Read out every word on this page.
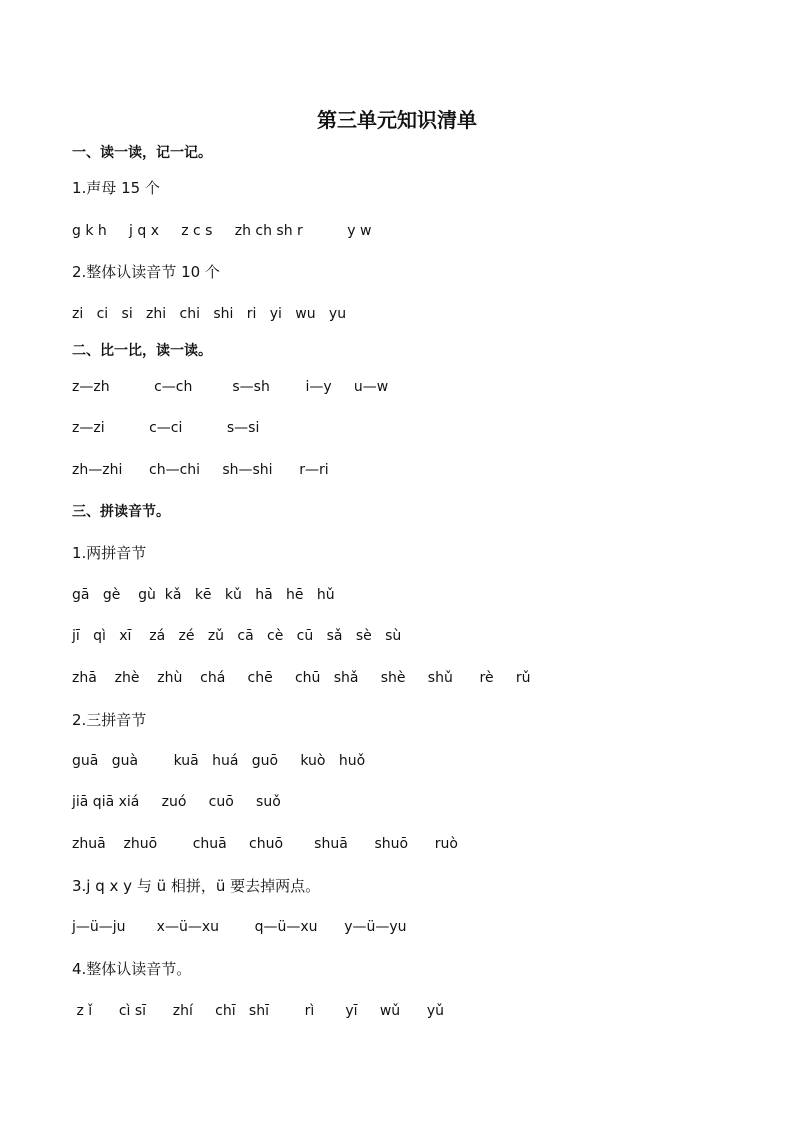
第三单元知识清单
一、读一读，记一记。
1.声母 15 个
g k h     j q x     z c s     zh ch sh r          y w
2.整体认读音节 10 个
zi   ci   si   zhi   chi   shi   ri   yi   wu   yu
二、比一比，读一读。
z—zh          c—ch         s—sh        i—y     u—w
z—zi          c—ci          s—si
zh—zhi      ch—chi     sh—shi      r—ri
三、拼读音节。
1.两拼音节
gā   gè    gù  kǎ   kē   kǔ   hā   hē   hǔ
jī   qì   xī    zá   zé   zǔ   cā   cè   cū   sǎ   sè   sù
zhā    zhè    zhù    chá     chē     chū   shǎ     shè     shǔ      rè     rǔ
2.三拼音节
guā   guà        kuā   huá   guō     kuò   huǒ
jiā qiā xiá     zuó     cuō     suǒ
zhuā    zhuō        chuā     chuō       shuā      shuō      ruò
3.j q x y 与 ü 相拼，ü 要去掉两点。
j—ü—ju       x—ü—xu        q—ü—xu      y—ü—yu
4.整体认读音节。
z ǐ      cì sī      zhí     chī   shī        rì       yī     wǔ      yǔ
